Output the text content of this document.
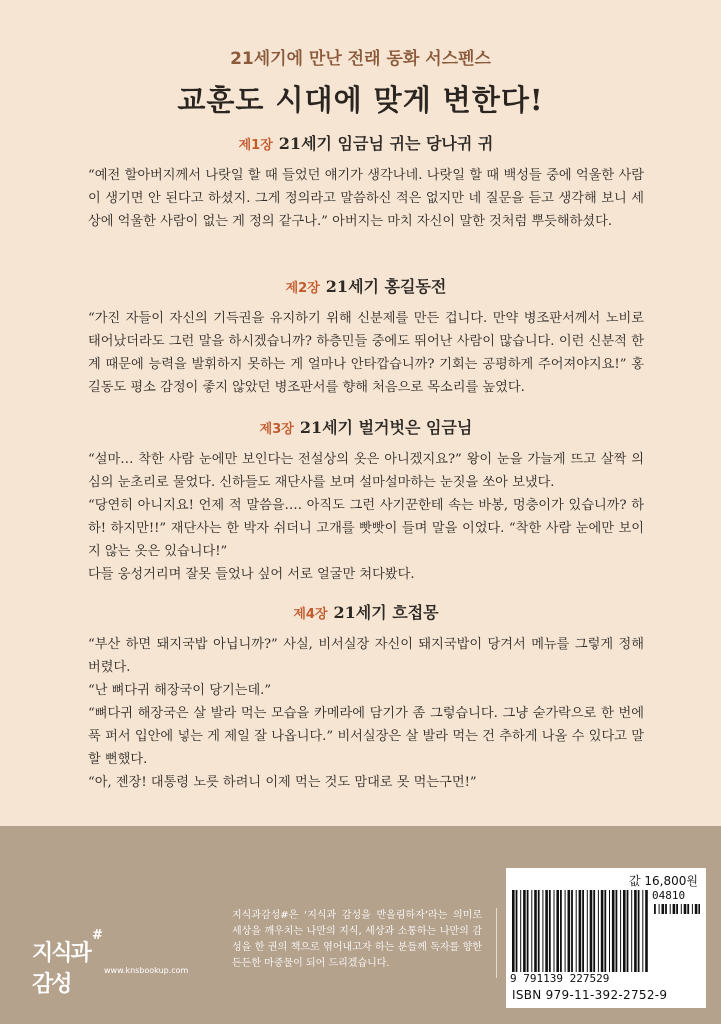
21세기에 만난 전래 동화 서스펜스
교훈도 시대에 맞게 변한다!
제1장 21세기 임금님 귀는 당나귀 귀

“예전 할아버지께서 나랏일 할 때 들었던 얘기가 생각나네. 나랏일 할 때 백성들 중에 억울한 사람이 생기면 안 된다고 하셨지. 그게 정의라고 말씀하신 적은 없지만 네 질문을 듣고 생각해 보니 세상에 억울한 사람이 없는 게 정의 같구나.” 아버지는 마치 자신이 말한 것처럼 뿌듯해하셨다.

제2장 21세기 홍길동전

“가진 자들이 자신의 기득권을 유지하기 위해 신분제를 만든 겁니다. 만약 병조판서께서 노비로 태어났더라도 그런 말을 하시겠습니까? 하층민들 중에도 뛰어난 사람이 많습니다. 이런 신분적 한계 때문에 능력을 발휘하지 못하는 게 얼마나 안타깝습니까? 기회는 공평하게 주어져야지요!” 홍길동도 평소 감정이 좋지 않았던 병조판서를 향해 처음으로 목소리를 높였다.

제3장 21세기 벌거벗은 임금님

“설마… 착한 사람 눈에만 보인다는 전설상의 옷은 아니겠지요?” 왕이 눈을 가늘게 뜨고 살짝 의심의 눈초리로 물었다. 신하들도 재단사를 보며 설마설마하는 눈짓을 쏘아 보냈다.

“당연히 아니지요! 언제 적 말씀을…. 아직도 그런 사기꾼한테 속는 바봉, 멍충이가 있습니까? 하하! 하지만!!” 재단사는 한 박자 쉬더니 고개를 빳빳이 들며 말을 이었다. “착한 사람 눈에만 보이지 않는 옷은 있습니다!”

다들 웅성거리며 잘못 들었나 싶어 서로 얼굴만 쳐다봤다.

제4장 21세기 흐접몽

“부산 하면 돼지국밥 아닙니까?” 사실, 비서실장 자신이 돼지국밥이 당겨서 메뉴를 그렇게 정해 버렸다.

“난 뼈다귀 해장국이 당기는데.”

“뼈다귀 해장국은 살 발라 먹는 모습을 카메라에 담기가 좀 그렇습니다. 그냥 숟가락으로 한 번에 푹 퍼서 입안에 넣는 게 제일 잘 나옵니다.” 비서실장은 살 발라 먹는 건 추하게 나올 수 있다고 말할 뻔했다.

“아, 젠장! 대통령 노릇 하려니 이제 먹는 것도 맘대로 못 먹는구먼!”

지식과감성
#
www.knsbookup.com
지식과감성#은 ‘지식과 감성을 반올림하자’라는 의미로 세상을 깨우치는 나만의 지식, 세상과 소통하는 나만의 감성을 한 권의 책으로 엮어내고자 하는 분들께 독자를 향한 든든한 마중물이 되어 드리겠습니다.
값 16,800원
04810
9 791139 227529
ISBN 979-11-392-2752-9
